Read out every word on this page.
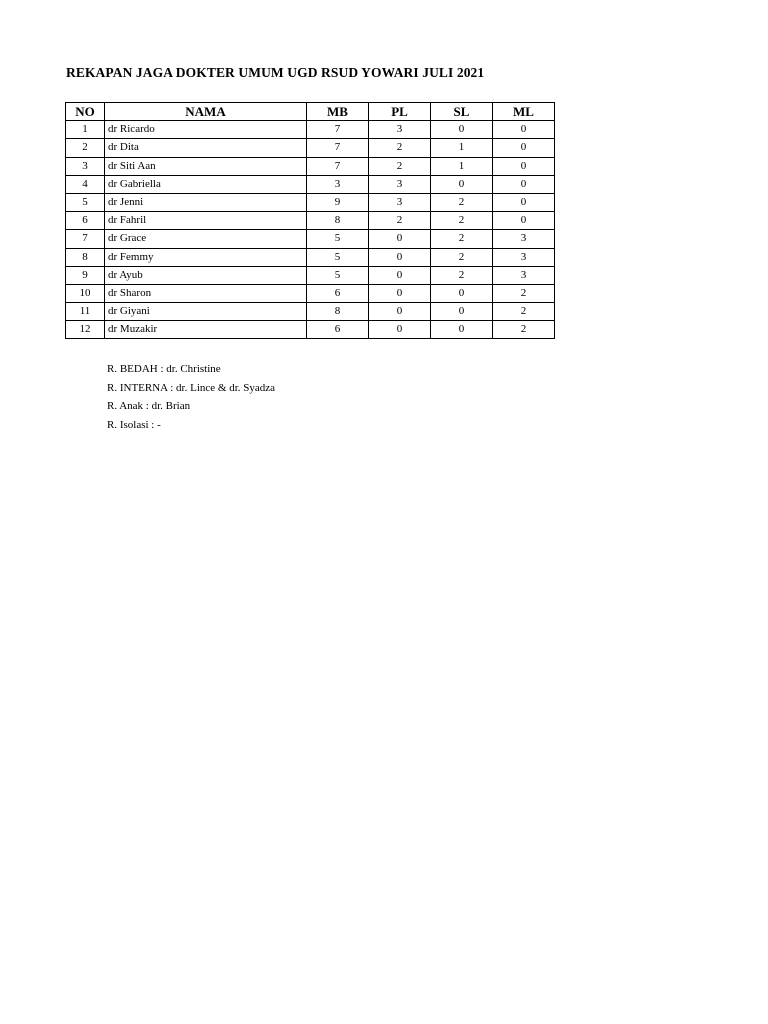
REKAPAN JAGA DOKTER UMUM UGD RSUD YOWARI JULI 2021
NO	NAMA	MB	PL	SL	ML
1	dr Ricardo	7	3	0	0
2	dr Dita	7	2	1	0
3	dr Siti Aan	7	2	1	0
4	dr Gabriella	3	3	0	0
5	dr Jenni	9	3	2	0
6	dr Fahril	8	2	2	0
7	dr Grace	5	0	2	3
8	dr Femmy	5	0	2	3
9	dr Ayub	5	0	2	3
10	dr Sharon	6	0	0	2
11	dr Giyani	8	0	0	2
12	dr Muzakir	6	0	0	2
R. BEDAH : dr. Christine
R. INTERNA : dr. Lince & dr. Syadza
R. Anak : dr. Brian
R. Isolasi : -
